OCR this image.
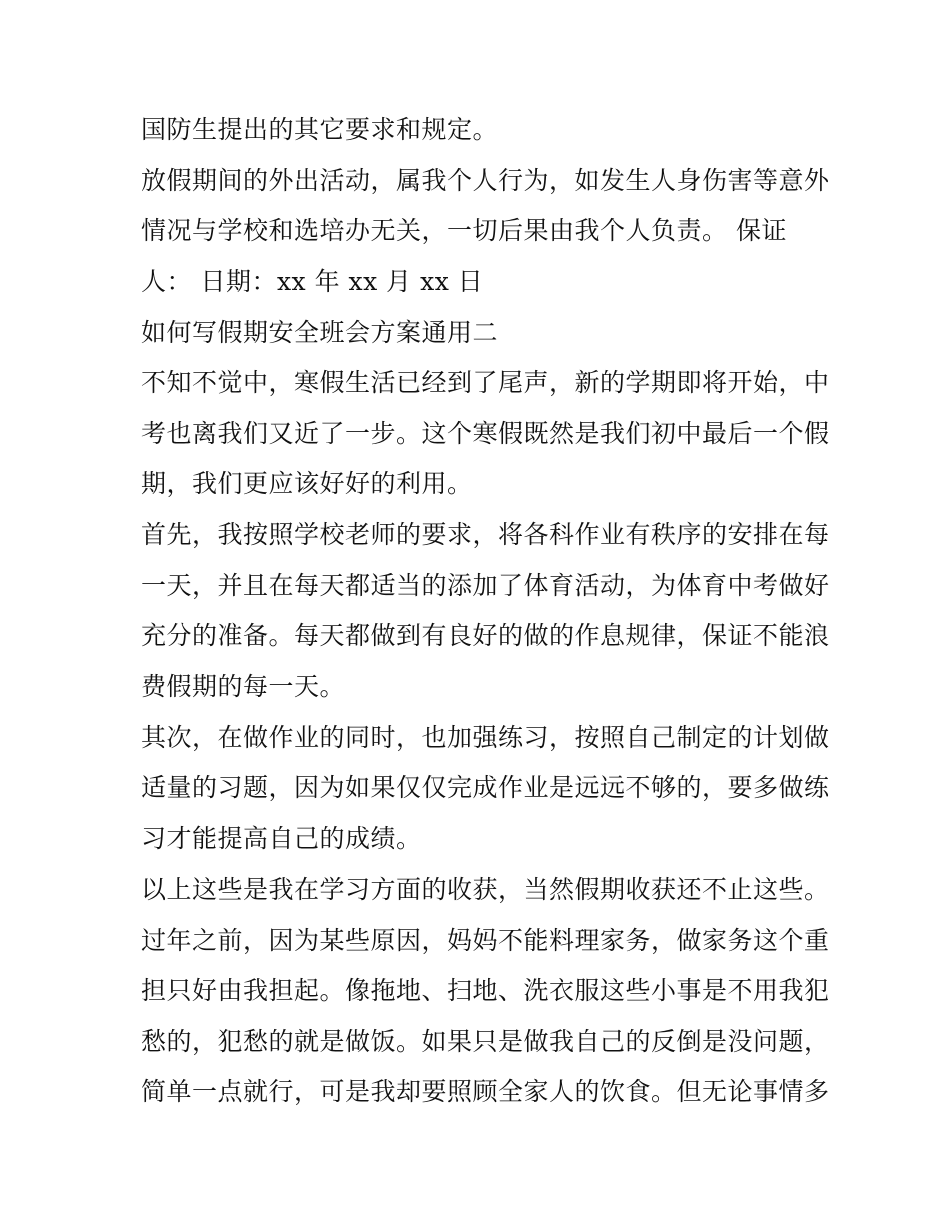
国防生提出的其它要求和规定。
放假期间的外出活动，属我个人行为，如发生人身伤害等意外
情况与学校和选培办无关，一切后果由我个人负责。 保证
人： 日期：xx 年 xx 月 xx 日
如何写假期安全班会方案通用二
不知不觉中，寒假生活已经到了尾声，新的学期即将开始，中
考也离我们又近了一步。这个寒假既然是我们初中最后一个假
期，我们更应该好好的利用。
首先，我按照学校老师的要求，将各科作业有秩序的安排在每
一天，并且在每天都适当的添加了体育活动，为体育中考做好
充分的准备。每天都做到有良好的做的作息规律，保证不能浪
费假期的每一天。
其次，在做作业的同时，也加强练习，按照自己制定的计划做
适量的习题，因为如果仅仅完成作业是远远不够的，要多做练
习才能提高自己的成绩。
以上这些是我在学习方面的收获，当然假期收获还不止这些。
过年之前，因为某些原因，妈妈不能料理家务，做家务这个重
担只好由我担起。像拖地、扫地、洗衣服这些小事是不用我犯
愁的，犯愁的就是做饭。如果只是做我自己的反倒是没问题，
简单一点就行，可是我却要照顾全家人的饮食。但无论事情多
